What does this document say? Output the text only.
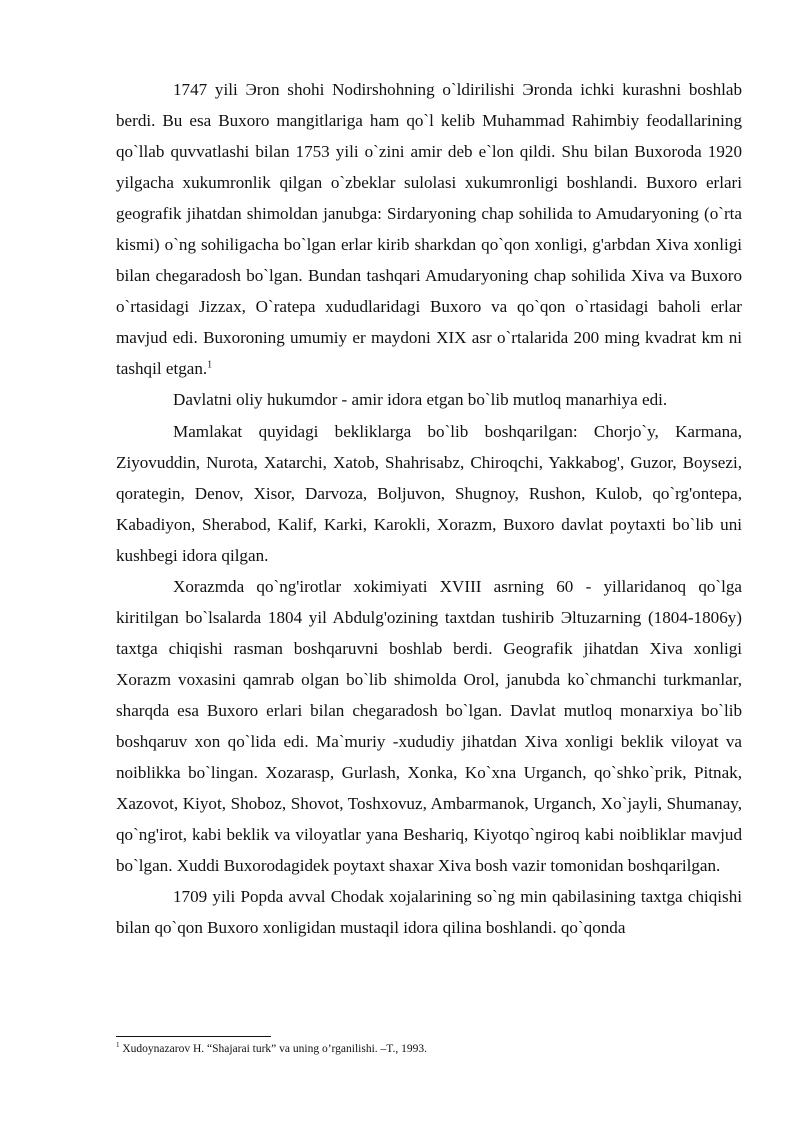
1747 yili Эron shohi Nodirshohning o`ldirilishi Эronda ichki kurashni boshlab berdi. Bu esa Buxoro mangitlariga ham qo`l kelib Muhammad Rahimbiy feodallarining qo`llab quvvatlashi bilan 1753 yili o`zini amir deb e`lon qildi. Shu bilan Buxoroda 1920 yilgacha xukumronlik qilgan o`zbeklar sulolasi xukumronligi boshlandi. Buxoro erlari geografik jihatdan shimoldan janubga: Sirdaryoning chap sohilida to Amudaryoning (o`rta kismi) o`ng sohiligacha bo`lgan erlar kirib sharkdan qo`qon xonligi, g'arbdan Xiva xonligi bilan chegaradosh bo`lgan. Bundan tashqari Amudaryoning chap sohilida Xiva va Buxoro o`rtasidagi Jizzax, O`ratepa xududlaridagi Buxoro va qo`qon o`rtasidagi baholi erlar mavjud edi. Buxoroning umumiy er maydoni XIX asr o`rtalarida 200 ming kvadrat km ni tashqil etgan.$^1$

Davlatni oliy hukumdor - amir idora etgan bo`lib mutloq manarhiya edi.

Mamlakat quyidagi bekliklarga bo`lib boshqarilgan: Chorjo`y, Karmana, Ziyovuddin, Nurota, Xatarchi, Xatob, Shahrisabz, Chiroqchi, Yakkabog', Guzor, Boysezi, qorategin, Denov, Xisor, Darvoza, Boljuvon, Shugnoy, Rushon, Kulob, qo`rg'ontepa, Kabadiyon, Sherabod, Kalif, Karki, Karokli, Xorazm, Buxoro davlat poytaxti bo`lib uni kushbegi idora qilgan.

Xorazmda qo`ng'irotlar xokimiyati XVIII asrning 60 - yillaridanoq qo`lga kiritilgan bo`lsalarda 1804 yil Abdulg'ozining taxtdan tushirib Эltuzarning (1804-1806y) taxtga chiqishi rasman boshqaruvni boshlab berdi. Geografik jihatdan Xiva xonligi Xorazm voxasini qamrab olgan bo`lib shimolda Orol, janubda ko`chmanchi turkmanlar, sharqda esa Buxoro erlari bilan chegaradosh bo`lgan. Davlat mutloq monarxiya bo`lib boshqaruv xon qo`lida edi. Ma`muriy -xududiy jihatdan Xiva xonligi beklik viloyat va noiblikka bo`lingan. Xozarasp, Gurlash, Xonka, Ko`xna Urganch, qo`shko`prik, Pitnak, Xazovot, Kiyot, Shoboz, Shovot, Toshxovuz, Ambarmanok, Urganch, Xo`jayli, Shumanay, qo`ng'irot, kabi beklik va viloyatlar yana Beshariq, Kiyotqo`ngiroq kabi noibliklar mavjud bo`lgan. Xuddi Buxorodagidek poytaxt shaxar Xiva bosh vazir tomonidan boshqarilgan.

1709 yili Popda avval Chodak xojalarining so`ng min qabilasining taxtga chiqishi bilan qo`qon Buxoro xonligidan mustaqil idora qilina boshlandi. qo`qonda

$^1$ Xudoynazarov H. “Shajarai turk” va uning o’rganilishi. –T., 1993.
